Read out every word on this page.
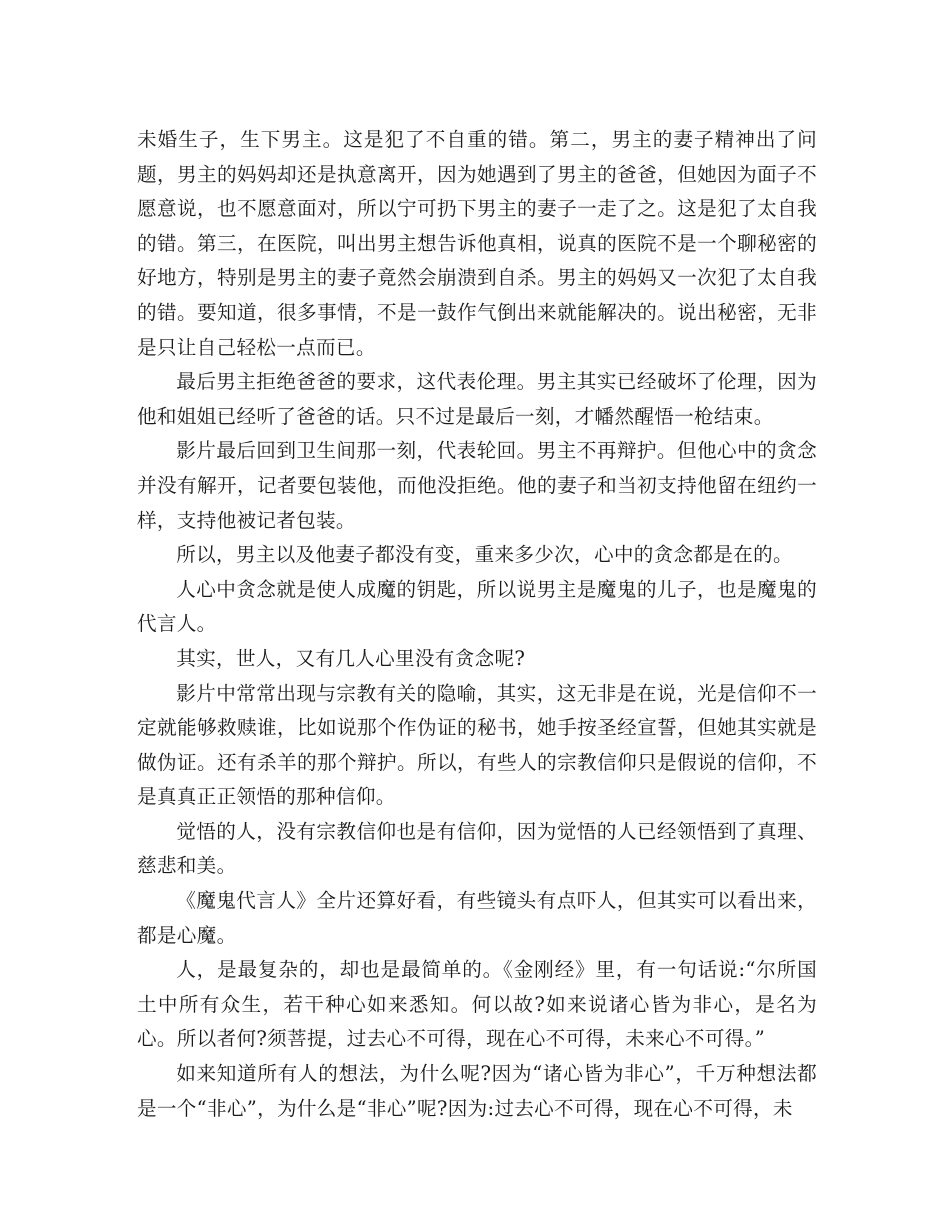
未婚生子，生下男主。这是犯了不自重的错。第二，男主的妻子精神出了问题，男主的妈妈却还是执意离开，因为她遇到了男主的爸爸，但她因为面子不愿意说，也不愿意面对，所以宁可扔下男主的妻子一走了之。这是犯了太自我的错。第三，在医院，叫出男主想告诉他真相，说真的医院不是一个聊秘密的好地方，特别是男主的妻子竟然会崩溃到自杀。男主的妈妈又一次犯了太自我的错。要知道，很多事情，不是一鼓作气倒出来就能解决的。说出秘密，无非是只让自己轻松一点而已。

最后男主拒绝爸爸的要求，这代表伦理。男主其实已经破坏了伦理，因为他和姐姐已经听了爸爸的话。只不过是最后一刻，才幡然醒悟一枪结束。

影片最后回到卫生间那一刻，代表轮回。男主不再辩护。但他心中的贪念并没有解开，记者要包装他，而他没拒绝。他的妻子和当初支持他留在纽约一样，支持他被记者包装。

所以，男主以及他妻子都没有变，重来多少次，心中的贪念都是在的。

人心中贪念就是使人成魔的钥匙，所以说男主是魔鬼的儿子，也是魔鬼的代言人。

其实，世人，又有几人心里没有贪念呢?

影片中常常出现与宗教有关的隐喻，其实，这无非是在说，光是信仰不一定就能够救赎谁，比如说那个作伪证的秘书，她手按圣经宣誓，但她其实就是做伪证。还有杀羊的那个辩护。所以，有些人的宗教信仰只是假说的信仰，不是真真正正领悟的那种信仰。

觉悟的人，没有宗教信仰也是有信仰，因为觉悟的人已经领悟到了真理、慈悲和美。

《魔鬼代言人》全片还算好看，有些镜头有点吓人，但其实可以看出来，都是心魔。

人，是最复杂的，却也是最简单的。《金刚经》里，有一句话说:“尔所国土中所有众生，若干种心如来悉知。何以故?如来说诸心皆为非心，是名为心。所以者何?须菩提，过去心不可得，现在心不可得，未来心不可得。”

如来知道所有人的想法，为什么呢?因为“诸心皆为非心”，千万种想法都是一个“非心”，为什么是“非心”呢?因为:过去心不可得，现在心不可得，未
